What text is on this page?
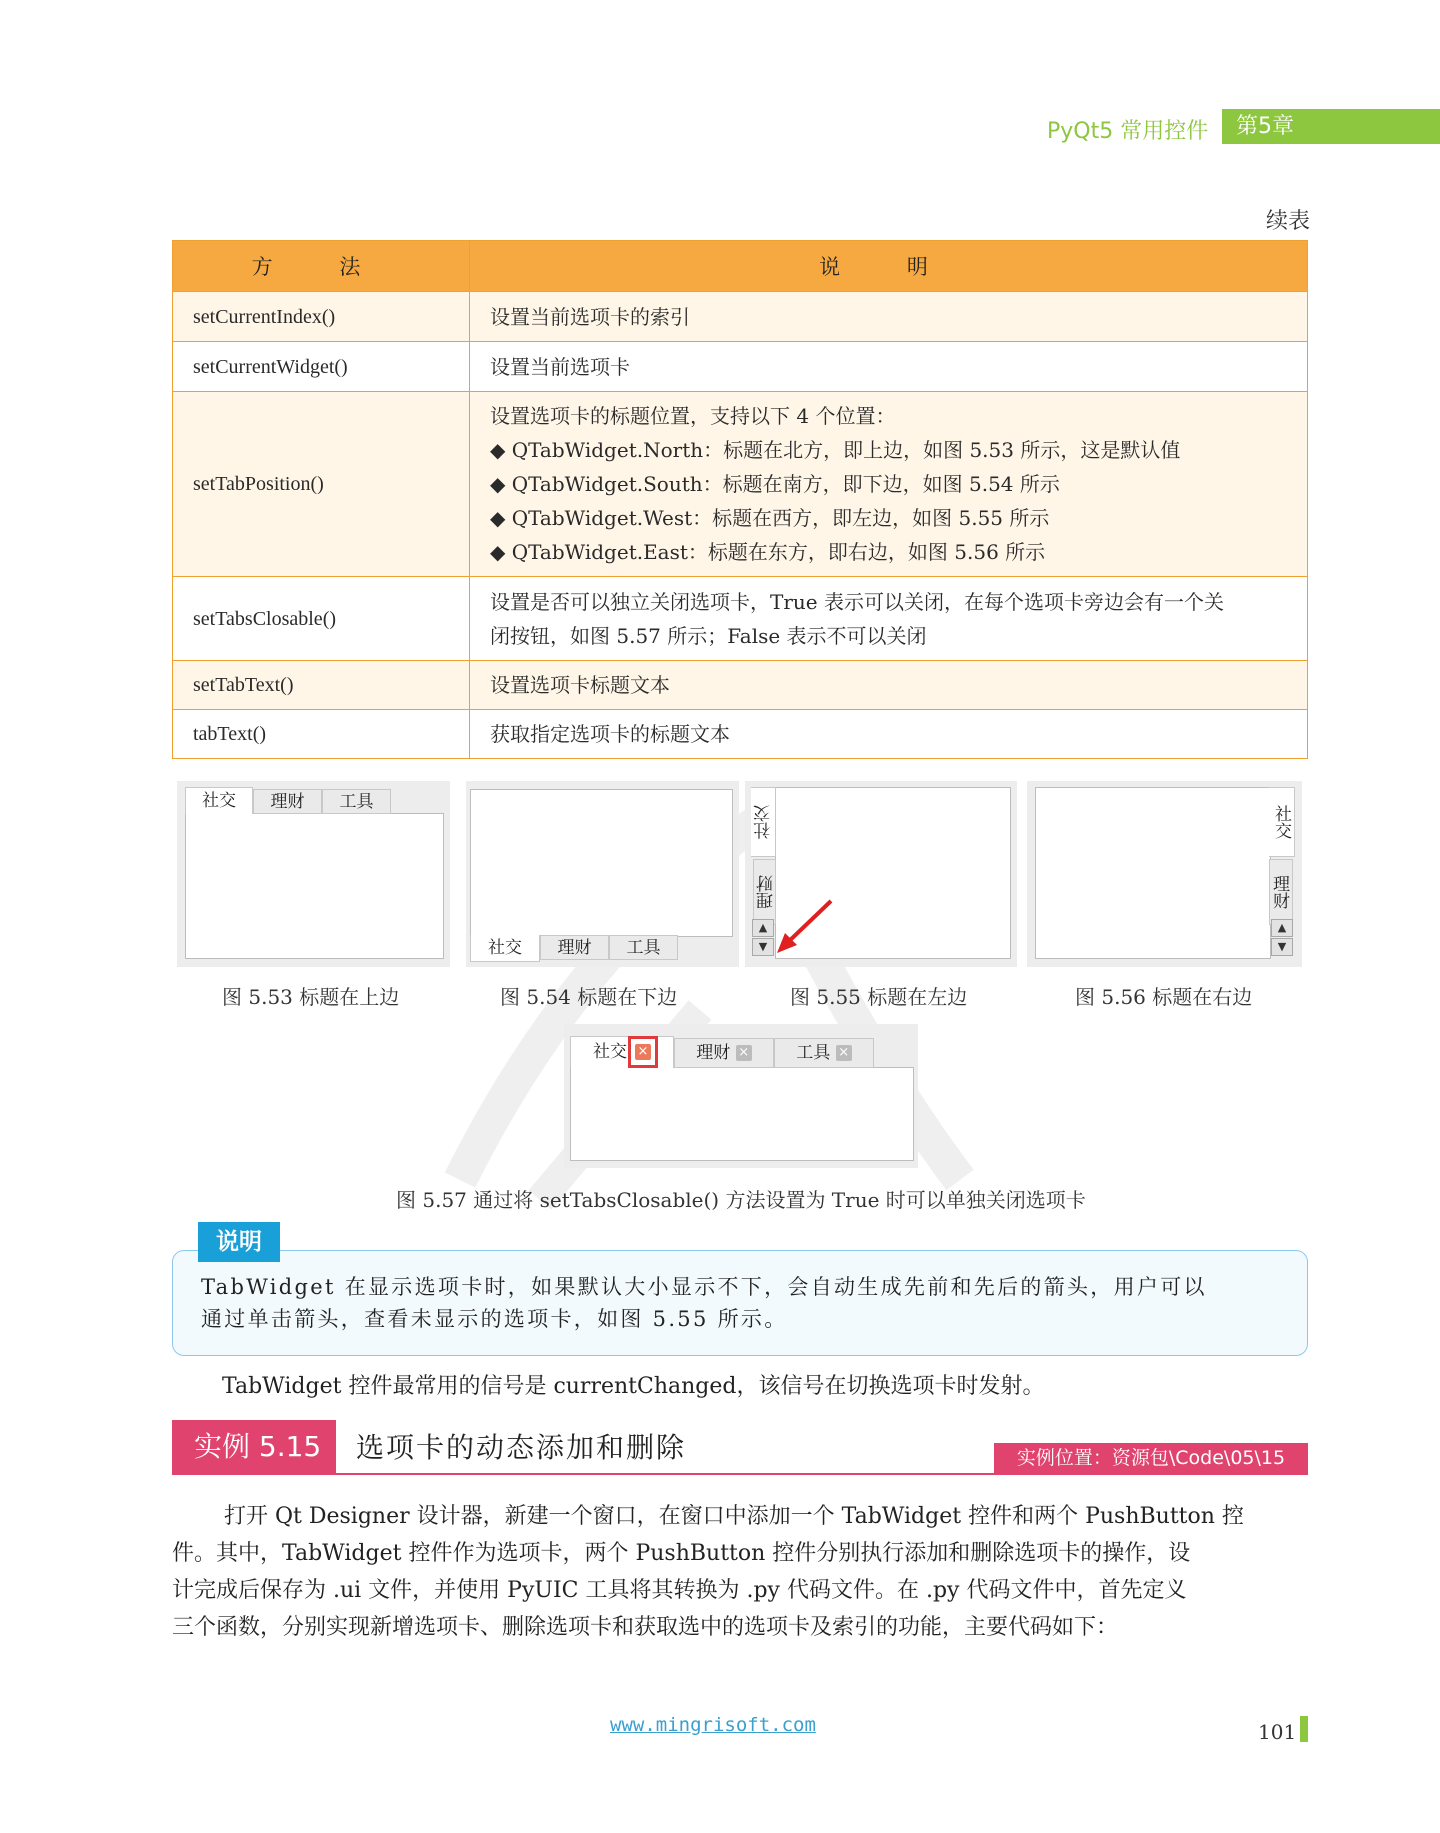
PyQt5 常用控件	第5章
续表
方 法	说 明
setCurrentIndex()	设置当前选项卡的索引
setCurrentWidget()	设置当前选项卡
setTabPosition()	设置选项卡的标题位置，支持以下 4 个位置：
◆ QTabWidget.North：标题在北方，即上边，如图 5.53 所示，这是默认值
◆ QTabWidget.South：标题在南方，即下边，如图 5.54 所示
◆ QTabWidget.West：标题在西方，即左边，如图 5.55 所示
◆ QTabWidget.East：标题在东方，即右边，如图 5.56 所示

setTabsClosable()	设置是否可以独立关闭选项卡，True 表示可以关闭，在每个选项卡旁边会有一个关
闭按钮，如图 5.57 所示；False 表示不可以关闭

setTabText()	设置选项卡标题文本
tabText()	获取指定选项卡的标题文本
社交	理财	工具
图 5.53 标题在上边
社交	理财	工具
图 5.54 标题在下边
社交
理财
▲
▼
图 5.55 标题在左边
社交
理财
▲
▼
图 5.56 标题在右边
社交 ×	理财 ×	工具 ×
图 5.57 通过将 setTabsClosable() 方法设置为 True 时可以单独关闭选项卡
TabWidget 在显示选项卡时，如果默认大小显示不下，会自动生成先前和先后的箭头，用户可以
通过单击箭头，查看未显示的选项卡，如图 5.55 所示。
说明
TabWidget 控件最常用的信号是 currentChanged，该信号在切换选项卡时发射。
实例 5.15	选项卡的动态添加和删除	实例位置：资源包\Code\05\15
打开 Qt Designer 设计器，新建一个窗口，在窗口中添加一个 TabWidget 控件和两个 PushButton 控
件。其中，TabWidget 控件作为选项卡，两个 PushButton 控件分别执行添加和删除选项卡的操作，设
计完成后保存为 .ui 文件，并使用 PyUIC 工具将其转换为 .py 代码文件。在 .py 代码文件中，首先定义
三个函数，分别实现新增选项卡、删除选项卡和获取选中的选项卡及索引的功能，主要代码如下：
www.mingrisoft.com	101
